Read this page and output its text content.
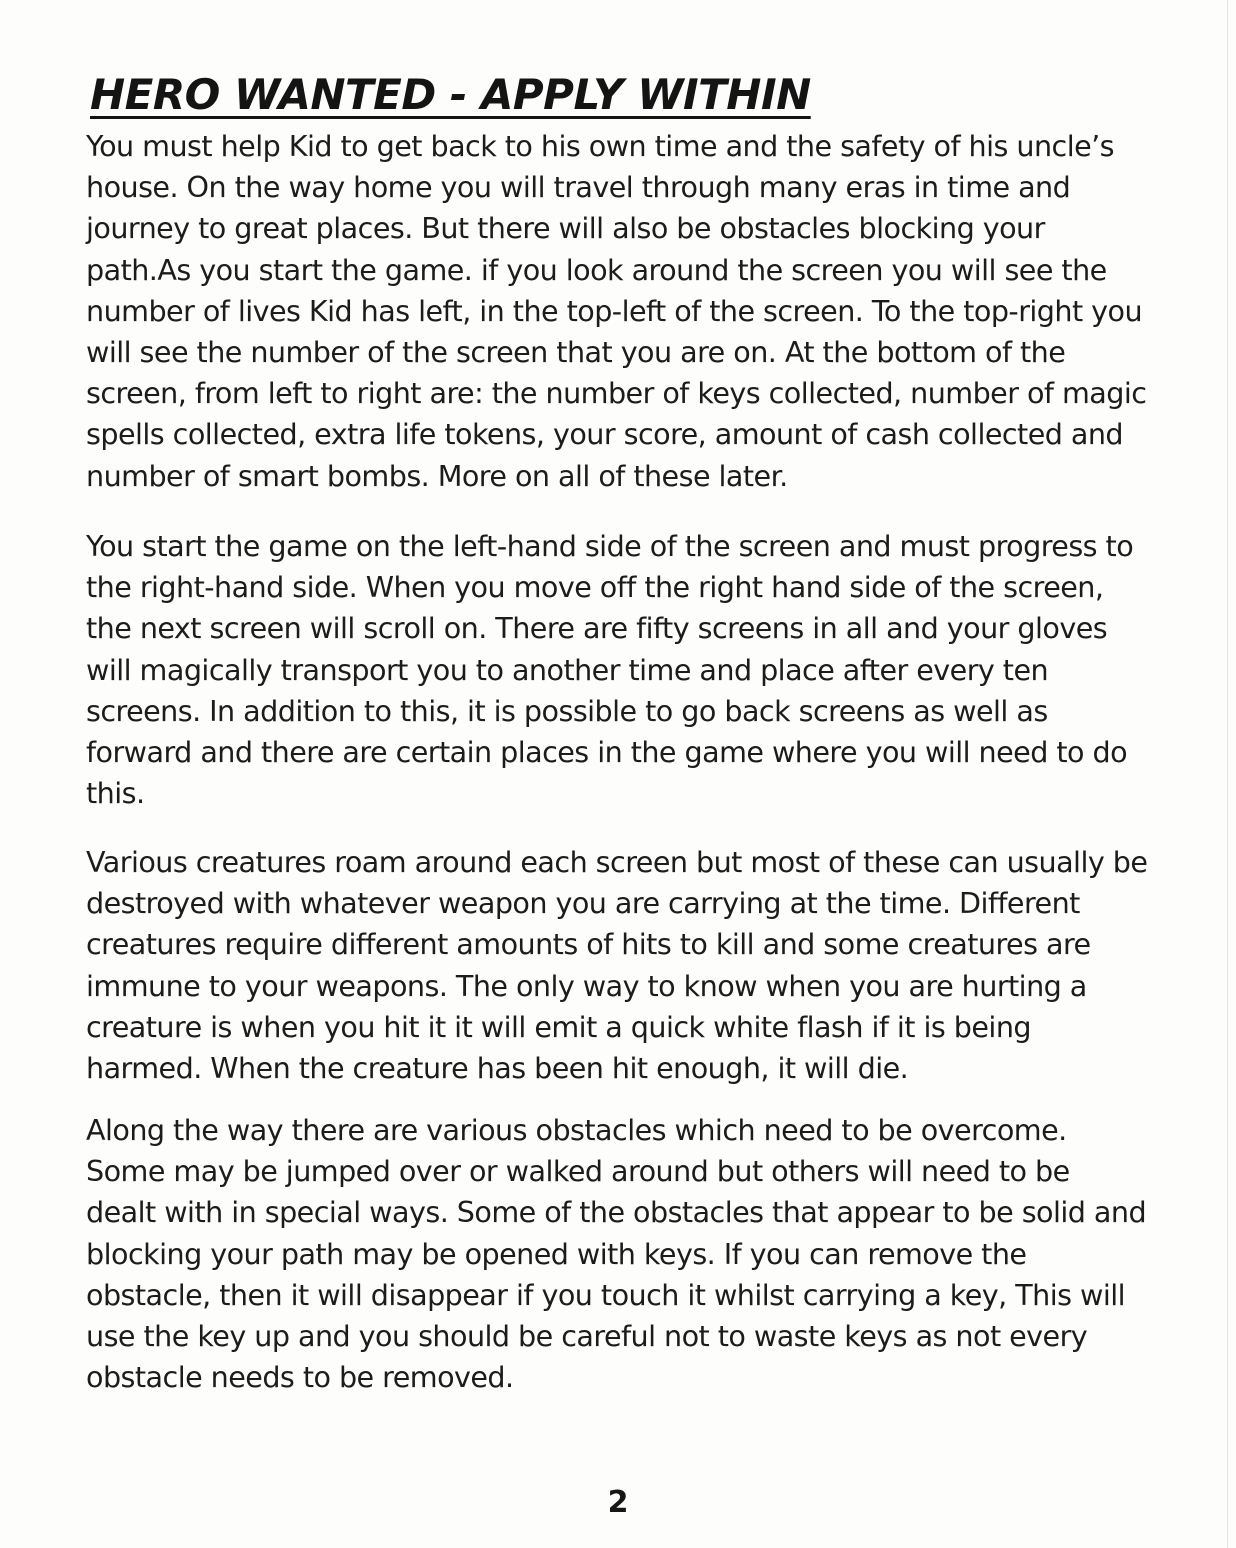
HERO WANTED - APPLY WITHIN

You must help Kid to get back to his own time and the safety of his uncle’s
house. On the way home you will travel through many eras in time and
journey to great places. But there will also be obstacles blocking your
path.As you start the game. if you look around the screen you will see the
number of lives Kid has left, in the top-left of the screen. To the top-right you
will see the number of the screen that you are on. At the bottom of the
screen, from left to right are: the number of keys collected, number of magic
spells collected, extra life tokens, your score, amount of cash collected and
number of smart bombs. More on all of these later.

You start the game on the left-hand side of the screen and must progress to
the right-hand side. When you move off the right hand side of the screen,
the next screen will scroll on. There are fifty screens in all and your gloves
will magically transport you to another time and place after every ten
screens. In addition to this, it is possible to go back screens as well as
forward and there are certain places in the game where you will need to do
this.

Various creatures roam around each screen but most of these can usually be
destroyed with whatever weapon you are carrying at the time. Different
creatures require different amounts of hits to kill and some creatures are
immune to your weapons. The only way to know when you are hurting a
creature is when you hit it it will emit a quick white flash if it is being
harmed. When the creature has been hit enough, it will die.

Along the way there are various obstacles which need to be overcome.
Some may be jumped over or walked around but others will need to be
dealt with in special ways. Some of the obstacles that appear to be solid and
blocking your path may be opened with keys. If you can remove the
obstacle, then it will disappear if you touch it whilst carrying a key, This will
use the key up and you should be careful not to waste keys as not every
obstacle needs to be removed.

2
